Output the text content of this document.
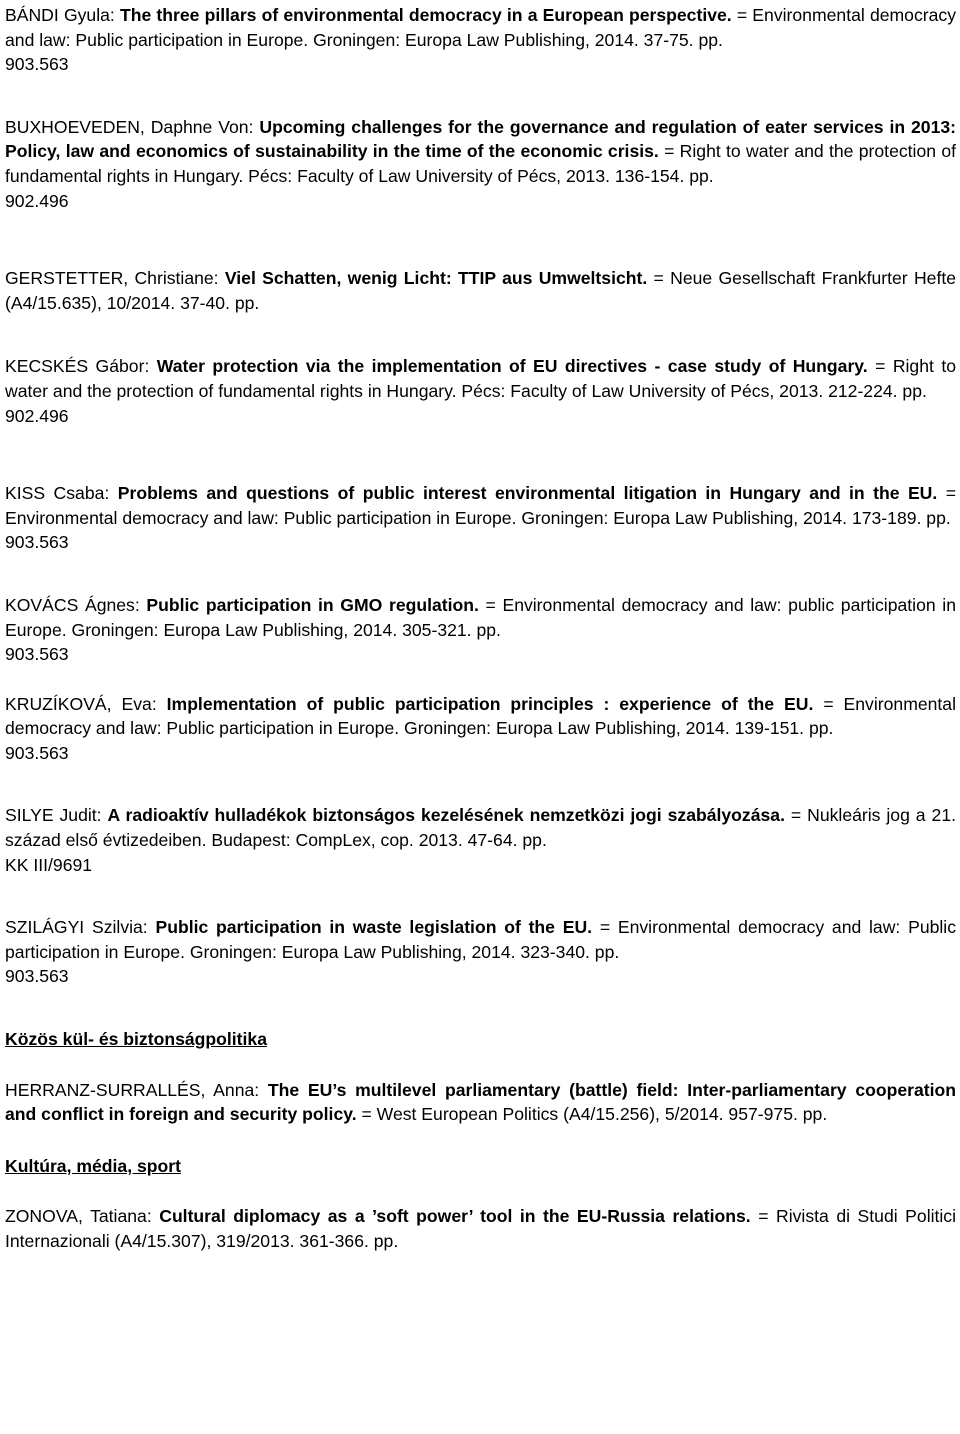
BÁNDI Gyula: The three pillars of environmental democracy in a European perspective. = Environmental democracy and law: Public participation in Europe. Groningen: Europa Law Publishing, 2014. 37-75. pp.
903.563

BUXHOEVEDEN, Daphne Von: Upcoming challenges for the governance and regulation of eater services in 2013: Policy, law and economics of sustainability in the time of the economic crisis. = Right to water and the protection of fundamental rights in Hungary. Pécs: Faculty of Law University of Pécs, 2013. 136-154. pp.
902.496

GERSTETTER, Christiane: Viel Schatten, wenig Licht: TTIP aus Umweltsicht. = Neue Gesellschaft Frankfurter Hefte (A4/15.635), 10/2014. 37-40. pp.

KECSKÉS Gábor: Water protection via the implementation of EU directives - case study of Hungary. = Right to water and the protection of fundamental rights in Hungary. Pécs: Faculty of Law University of Pécs, 2013. 212-224. pp.
902.496

KISS Csaba: Problems and questions of public interest environmental litigation in Hungary and in the EU. = Environmental democracy and law: Public participation in Europe. Groningen: Europa Law Publishing, 2014. 173-189. pp.
903.563

KOVÁCS Ágnes: Public participation in GMO regulation. = Environmental democracy and law: public participation in Europe. Groningen: Europa Law Publishing, 2014. 305-321. pp.
903.563

KRUZÍKOVÁ, Eva: Implementation of public participation principles : experience of the EU. = Environmental democracy and law: Public participation in Europe. Groningen: Europa Law Publishing, 2014. 139-151. pp.
903.563

SILYE Judit: A radioaktív hulladékok biztonságos kezelésének nemzetközi jogi szabályozása. = Nukleáris jog a 21. század első évtizedeiben. Budapest: CompLex, cop. 2013. 47-64. pp.
KK III/9691

SZILÁGYI Szilvia: Public participation in waste legislation of the EU. = Environmental democracy and law: Public participation in Europe. Groningen: Europa Law Publishing, 2014. 323-340. pp.
903.563

Közös kül- és biztonságpolitika

HERRANZ-SURRALLÉS, Anna: The EU’s multilevel parliamentary (battle) field: Inter-parliamentary cooperation and conflict in foreign and security policy. = West European Politics (A4/15.256), 5/2014. 957-975. pp.

Kultúra, média, sport

ZONOVA, Tatiana: Cultural diplomacy as a ’soft power’ tool in the EU-Russia relations. = Rivista di Studi Politici Internazionali (A4/15.307), 319/2013. 361-366. pp.
